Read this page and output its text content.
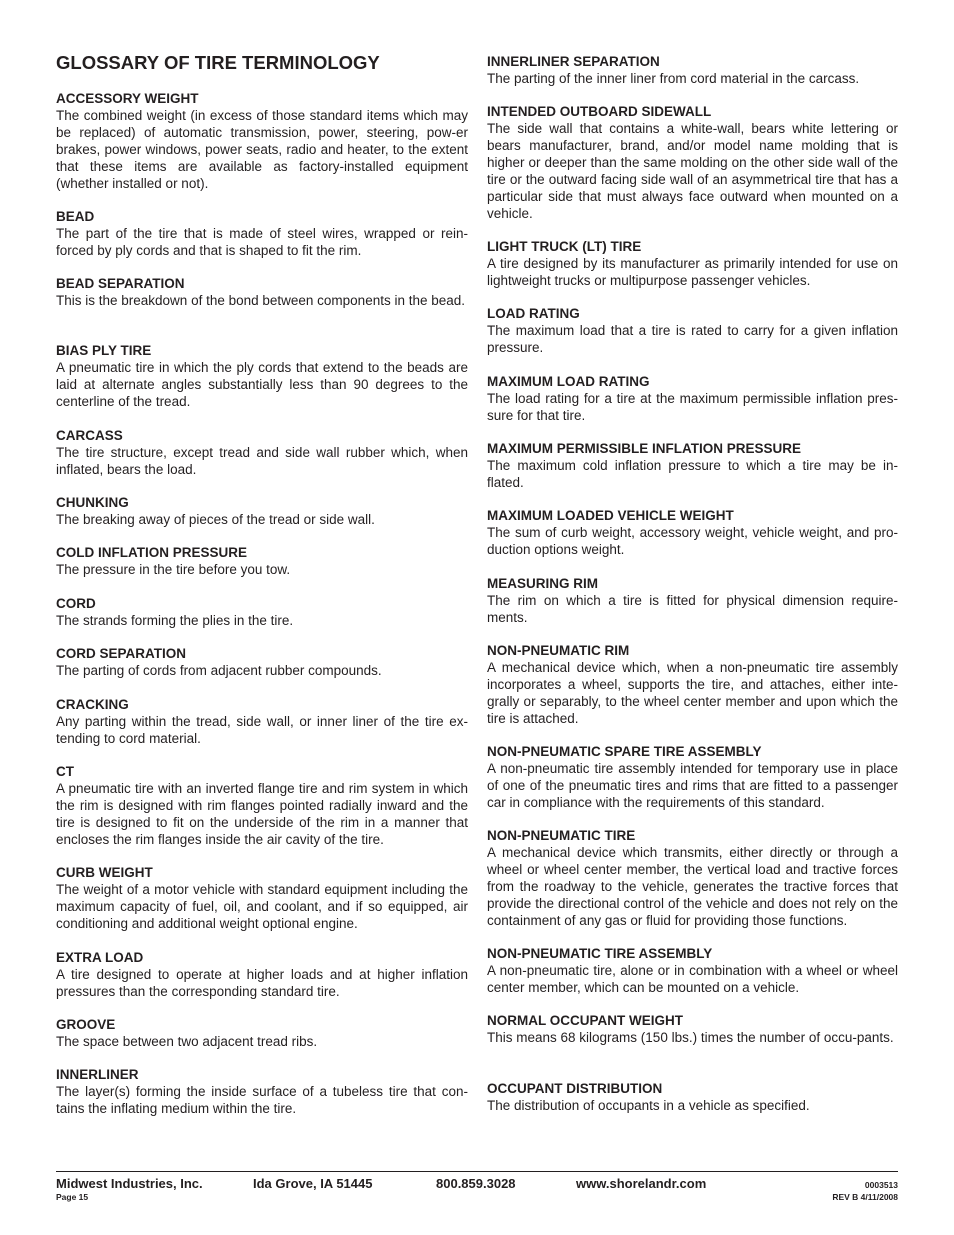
GLOSSARY OF TIRE TERMINOLOGY

ACCESSORY WEIGHT

The combined weight (in excess of those standard items which may be replaced) of automatic transmission, power, steering, pow-er brakes, power windows, power seats, radio and heater, to the extent that these items are available as factory-installed equipment (whether installed or not).

BEAD

The part of the tire that is made of steel wires, wrapped or rein-forced by ply cords and that is shaped to fit the rim.

BEAD SEPARATION

This is the breakdown of the bond between components in the bead.

BIAS PLY TIRE

A pneumatic tire in which the ply cords that extend to the beads are laid at alternate angles substantially less than 90 degrees to the centerline of the tread.

CARCASS

The tire structure, except tread and side wall rubber which, when inflated, bears the load.

CHUNKING

The breaking away of pieces of the tread or side wall.

COLD INFLATION PRESSURE

The pressure in the tire before you tow.

CORD

The strands forming the plies in the tire.

CORD SEPARATION

The parting of cords from adjacent rubber compounds.

CRACKING

Any parting within the tread, side wall, or inner liner of the tire ex-tending to cord material.

CT

A pneumatic tire with an inverted flange tire and rim system in which the rim is designed with rim flanges pointed radially inward and the tire is designed to fit on the underside of the rim in a manner that encloses the rim flanges inside the air cavity of the tire.

CURB WEIGHT

The weight of a motor vehicle with standard equipment including the maximum capacity of fuel, oil, and coolant, and if so equipped, air conditioning and additional weight optional engine.

EXTRA LOAD

A tire designed to operate at higher loads and at higher inflation pressures than the corresponding standard tire.

GROOVE

The space between two adjacent tread ribs.

INNERLINER

The layer(s) forming the inside surface of a tubeless tire that con-tains the inflating medium within the tire.

INNERLINER SEPARATION

The parting of the inner liner from cord material in the carcass.

INTENDED OUTBOARD SIDEWALL

The side wall that contains a white-wall, bears white lettering or bears manufacturer, brand, and/or model name molding that is higher or deeper than the same molding on the other side wall of the tire or the outward facing side wall of an asymmetrical tire that has a particular side that must always face outward when mounted on a vehicle.

LIGHT TRUCK (LT) TIRE

A tire designed by its manufacturer as primarily intended for use on lightweight trucks or multipurpose passenger vehicles.

LOAD RATING

The maximum load that a tire is rated to carry for a given inflation pressure.

MAXIMUM LOAD RATING

The load rating for a tire at the maximum permissible inflation pres-sure for that tire.

MAXIMUM PERMISSIBLE INFLATION PRESSURE

The maximum cold inflation pressure to which a tire may be in-flated.

MAXIMUM LOADED VEHICLE WEIGHT

The sum of curb weight, accessory weight, vehicle weight, and pro-duction options weight.

MEASURING RIM

The rim on which a tire is fitted for physical dimension require-ments.

NON-PNEUMATIC RIM

A mechanical device which, when a non-pneumatic tire assembly incorporates a wheel, supports the tire, and attaches, either inte-grally or separably, to the wheel center member and upon which the tire is attached.

NON-PNEUMATIC SPARE TIRE ASSEMBLY

A non-pneumatic tire assembly intended for temporary use in place of one of the pneumatic tires and rims that are fitted to a passenger car in compliance with the requirements of this standard.

NON-PNEUMATIC TIRE

A mechanical device which transmits, either directly or through a wheel or wheel center member, the vertical load and tractive forces from the roadway to the vehicle, generates the tractive forces that provide the directional control of the vehicle and does not rely on the containment of any gas or fluid for providing those functions.

NON-PNEUMATIC TIRE ASSEMBLY

A non-pneumatic tire, alone or in combination with a wheel or wheel center member, which can be mounted on a vehicle.

NORMAL OCCUPANT WEIGHT

This means 68 kilograms (150 lbs.) times the number of occu-pants.

OCCUPANT DISTRIBUTION

The distribution of occupants in a vehicle as specified.

Midwest Industries, Inc.	Ida Grove, IA 51445	800.859.3028	www.shorelandr.com

Page 15

0003513

REV B 4/11/2008
